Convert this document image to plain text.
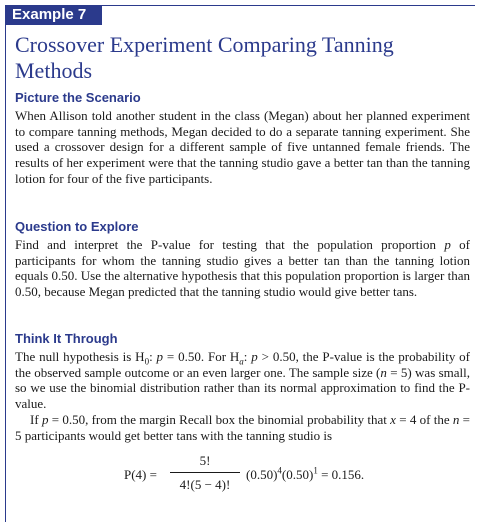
Example 7
Crossover Experiment Comparing Tanning Methods
Picture the Scenario

When Allison told another student in the class (Megan) about her planned experiment to compare tanning methods, Megan decided to do a separate tanning experiment. She used a crossover design for a different sample of five untanned female friends. The results of her experiment were that the tanning studio gave a better tan than the tanning lotion for four of the five participants.

Question to Explore

Find and interpret the P-value for testing that the population proportion p of participants for whom the tanning studio gives a better tan than the tanning lotion equals 0.50. Use the alternative hypothesis that this population proportion is larger than 0.50, because Megan predicted that the tanning studio would give better tans.

Think It Through

The null hypothesis is $H_0$: p = 0.50. For $H_a$: p > 0.50, the P-value is the probability of the observed sample outcome or an even larger one. The sample size (n = 5) was small, so we use the binomial distribution rather than its normal approximation to find the P-value.

If p = 0.50, from the margin Recall box the binomial probability that x = 4 of the n = 5 participants would get better tans with the tanning studio is

P(4) =
5!
4!(5 − 4)!
$(0.50)^4(0.50)^1 = 0.156$.
